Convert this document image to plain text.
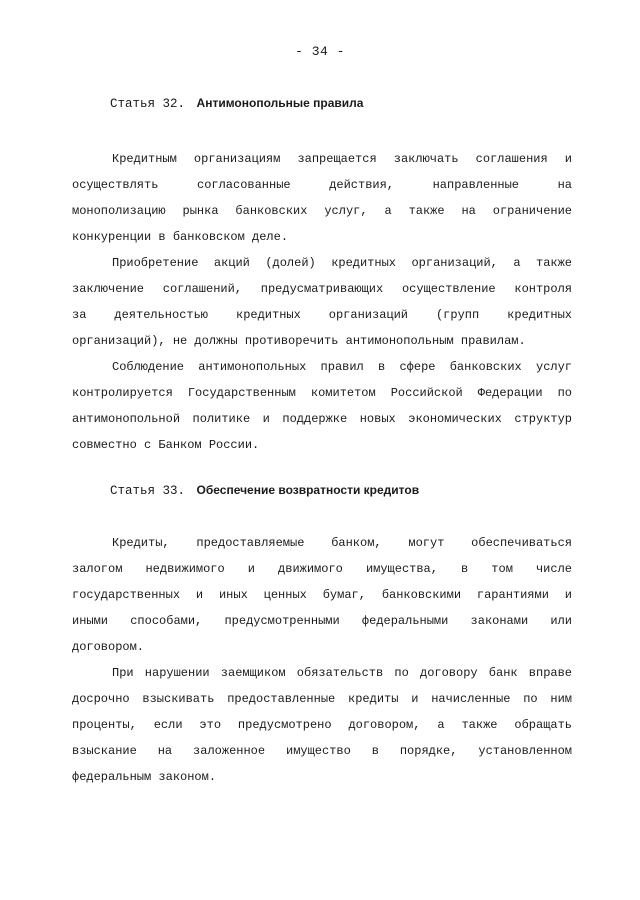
- 34 -
Статья 32. Антимонопольные правила
Кредитным организациям запрещается заключать соглашения и
осуществлять согласованные действия, направленные на
монополизацию рынка банковских услуг, а также на ограничение
конкуренции в банковском деле.
Приобретение акций (долей) кредитных организаций, а также
заключение соглашений, предусматривающих осуществление контроля
за деятельностью кредитных организаций (групп кредитных
организаций), не должны противоречить антимонопольным правилам.
Соблюдение антимонопольных правил в сфере банковских услуг
контролируется Государственным комитетом Российской Федерации по
антимонопольной политике и поддержке новых экономических структур
совместно с Банком России.
Статья 33. Обеспечение возвратности кредитов
Кредиты, предоставляемые банком, могут обеспечиваться
залогом недвижимого и движимого имущества, в том числе
государственных и иных ценных бумаг, банковскими гарантиями и
иными способами, предусмотренными федеральными законами или
договором.
При нарушении заемщиком обязательств по договору банк вправе
досрочно взыскивать предоставленные кредиты и начисленные по ним
проценты, если это предусмотрено договором, а также обращать
взыскание на заложенное имущество в порядке, установленном
федеральным законом.
